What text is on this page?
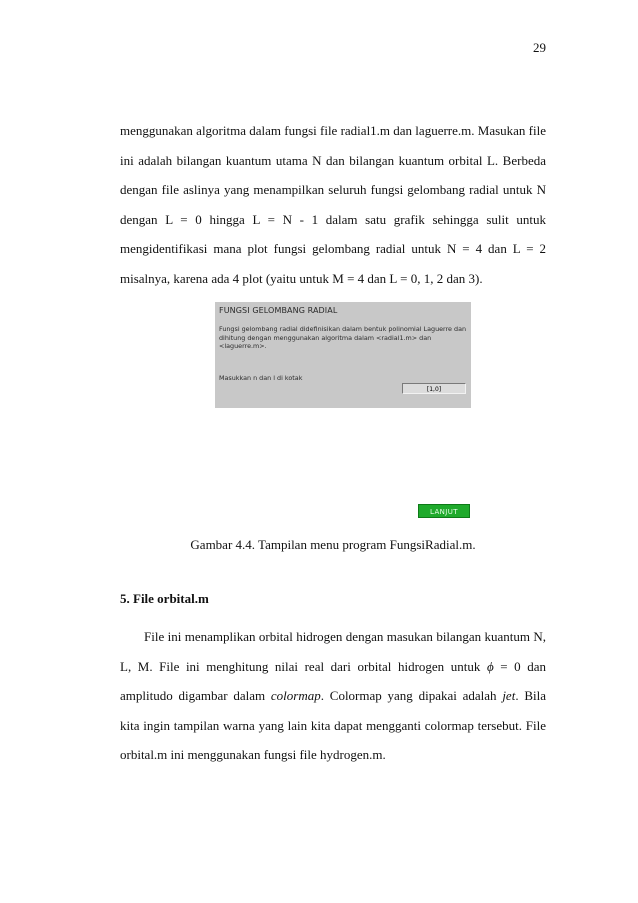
29

menggunakan algoritma dalam fungsi file radial1.m dan laguerre.m. Masukan file ini adalah bilangan kuantum utama N dan bilangan kuantum orbital L. Berbeda dengan file aslinya yang menampilkan seluruh fungsi gelombang radial untuk N dengan L = 0 hingga L = N - 1 dalam satu grafik sehingga sulit untuk mengidentifikasi mana plot fungsi gelombang radial untuk N = 4 dan L = 2 misalnya, karena ada 4 plot (yaitu untuk M = 4 dan L = 0, 1, 2 dan 3).

FUNGSI GELOMBANG RADIAL
Fungsi gelombang radial didefinisikan dalam bentuk polinomial Laguerre dan dihitung dengan menggunakan algoritma dalam <radial1.m> dan <laguerre.m>.
Masukkan n dan l di kotak
[1,0]
LANJUT
Gambar 4.4. Tampilan menu program FungsiRadial.m.
5. File orbital.m

File ini menamplikan orbital hidrogen dengan masukan bilangan kuantum N, L, M. File ini menghitung nilai real dari orbital hidrogen untuk ϕ = 0 dan amplitudo digambar dalam colormap. Colormap yang dipakai adalah jet. Bila kita ingin tampilan warna yang lain kita dapat mengganti colormap tersebut. File orbital.m ini menggunakan fungsi file hydrogen.m.
